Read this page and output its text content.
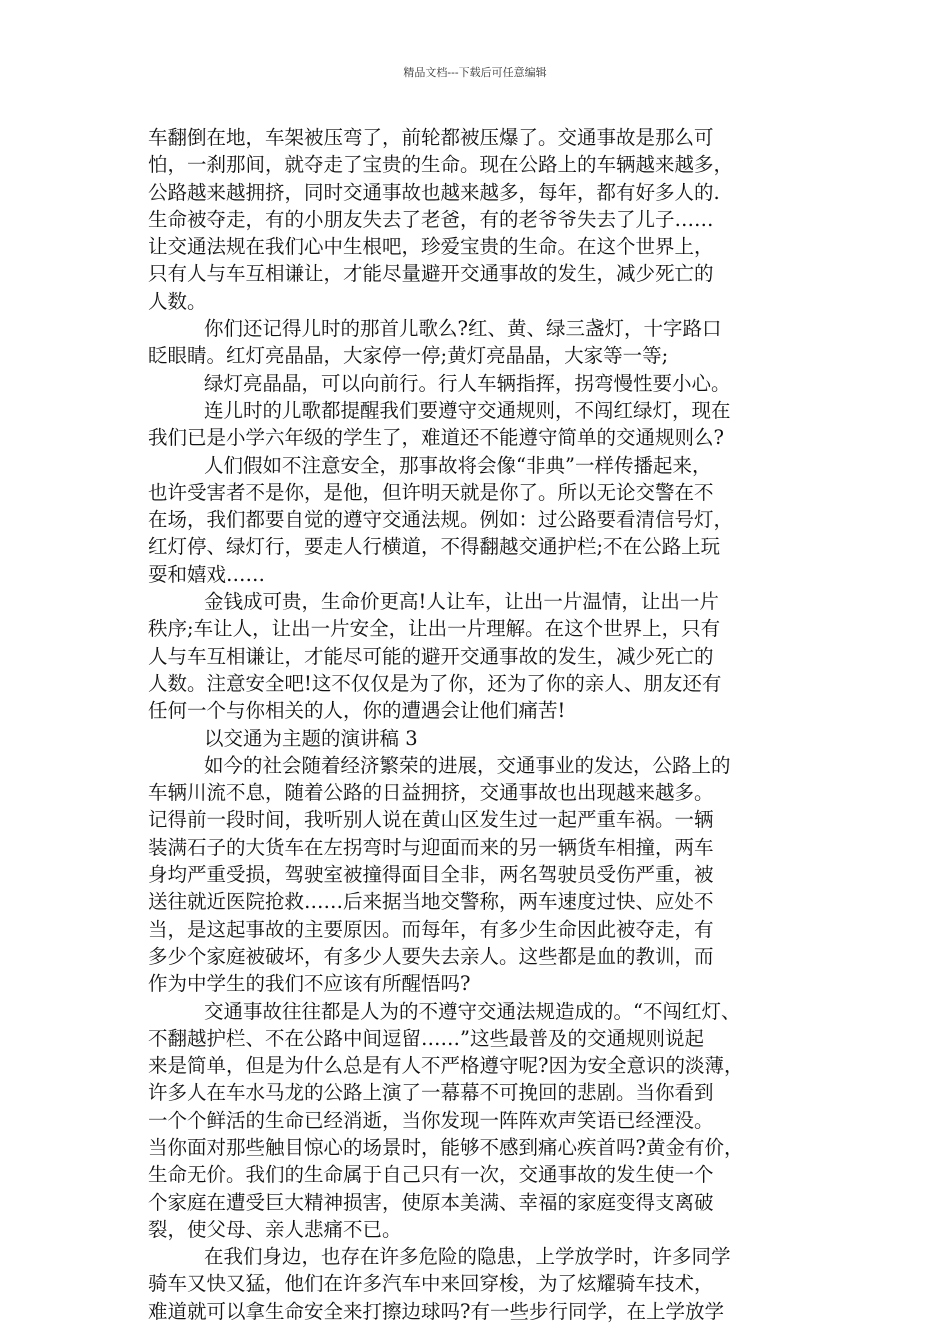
精品文档---下载后可任意编辑
车翻倒在地，车架被压弯了，前轮都被压爆了。交通事故是那么可
怕，一刹那间，就夺走了宝贵的生命。现在公路上的车辆越来越多，
公路越来越拥挤，同时交通事故也越来越多，每年，都有好多人的.
生命被夺走，有的小朋友失去了老爸，有的老爷爷失去了儿子……
让交通法规在我们心中生根吧，珍爱宝贵的生命。在这个世界上，
只有人与车互相谦让，才能尽量避开交通事故的发生，减少死亡的
人数。
你们还记得儿时的那首儿歌么?红、黄、绿三盏灯，十字路口
眨眼睛。红灯亮晶晶，大家停一停;黄灯亮晶晶，大家等一等;
绿灯亮晶晶，可以向前行。行人车辆指挥，拐弯慢性要小心。
连儿时的儿歌都提醒我们要遵守交通规则，不闯红绿灯，现在
我们已是小学六年级的学生了，难道还不能遵守简单的交通规则么?
人们假如不注意安全，那事故将会像“非典”一样传播起来，
也许受害者不是你，是他，但许明天就是你了。所以无论交警在不
在场，我们都要自觉的遵守交通法规。例如：过公路要看清信号灯，
红灯停、绿灯行，要走人行横道，不得翻越交通护栏;不在公路上玩
耍和嬉戏……
金钱成可贵，生命价更高!人让车，让出一片温情，让出一片
秩序;车让人，让出一片安全，让出一片理解。在这个世界上，只有
人与车互相谦让，才能尽可能的避开交通事故的发生，减少死亡的
人数。注意安全吧!这不仅仅是为了你，还为了你的亲人、朋友还有
任何一个与你相关的人，你的遭遇会让他们痛苦!
以交通为主题的演讲稿 3
如今的社会随着经济繁荣的进展，交通事业的发达，公路上的
车辆川流不息，随着公路的日益拥挤，交通事故也出现越来越多。
记得前一段时间，我听别人说在黄山区发生过一起严重车祸。一辆
装满石子的大货车在左拐弯时与迎面而来的另一辆货车相撞，两车
身均严重受损，驾驶室被撞得面目全非，两名驾驶员受伤严重，被
送往就近医院抢救……后来据当地交警称，两车速度过快、应处不
当，是这起事故的主要原因。而每年，有多少生命因此被夺走，有
多少个家庭被破坏，有多少人要失去亲人。这些都是血的教训，而
作为中学生的我们不应该有所醒悟吗?
交通事故往往都是人为的不遵守交通法规造成的。“不闯红灯、
不翻越护栏、不在公路中间逗留……”这些最普及的交通规则说起
来是简单，但是为什么总是有人不严格遵守呢?因为安全意识的淡薄，
许多人在车水马龙的公路上演了一幕幕不可挽回的悲剧。当你看到
一个个鲜活的生命已经消逝，当你发现一阵阵欢声笑语已经湮没。
当你面对那些触目惊心的场景时，能够不感到痛心疾首吗?黄金有价，
生命无价。我们的生命属于自己只有一次，交通事故的发生使一个
个家庭在遭受巨大精神损害，使原本美满、幸福的家庭变得支离破
裂，使父母、亲人悲痛不已。
在我们身边，也存在许多危险的隐患，上学放学时，许多同学
骑车又快又猛，他们在许多汽车中来回穿梭，为了炫耀骑车技术，
难道就可以拿生命安全来打擦边球吗?有一些步行同学，在上学放学
